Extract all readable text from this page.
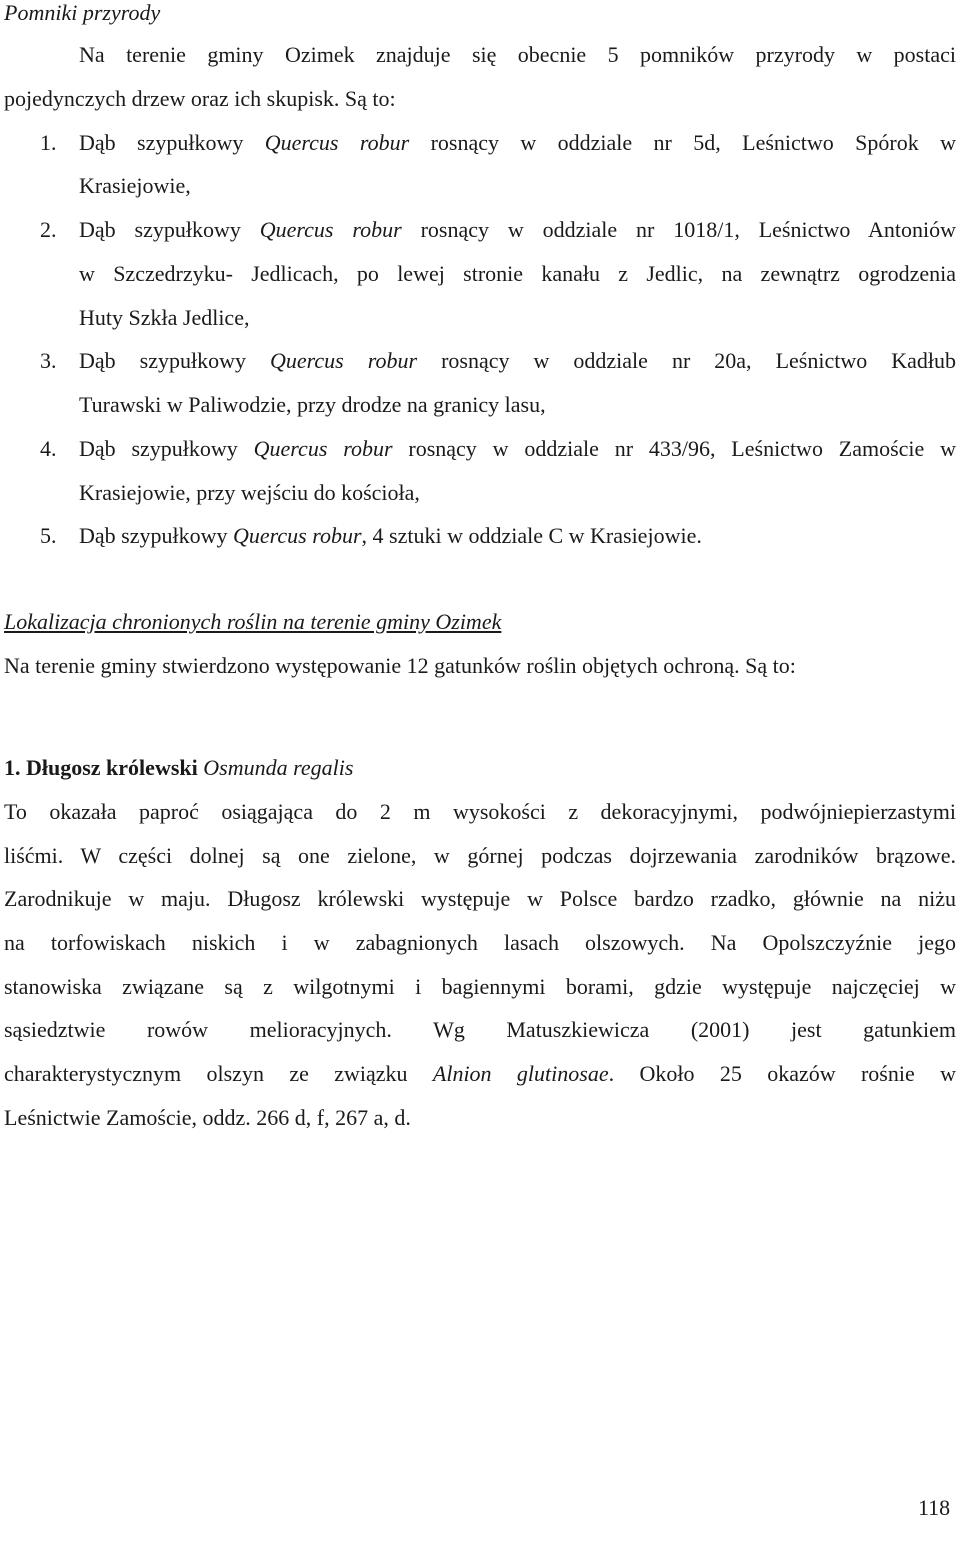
Pomniki przyrody
Na terenie gminy Ozimek znajduje się obecnie 5 pomników przyrody w postaci
pojedynczych drzew oraz ich skupisk. Są to:
1. Dąb szypułkowy Quercus robur rosnący w oddziale nr 5d, Leśnictwo Spórok w
Krasiejowie,
2. Dąb szypułkowy Quercus robur rosnący w oddziale nr 1018/1, Leśnictwo Antoniów
w Szczedrzyku- Jedlicach, po lewej stronie kanału z Jedlic, na zewnątrz ogrodzenia
Huty Szkła Jedlice,
3. Dąb szypułkowy Quercus robur rosnący w oddziale nr 20a, Leśnictwo Kadłub
Turawski w Paliwodzie, przy drodze na granicy lasu,
4. Dąb szypułkowy Quercus robur rosnący w oddziale nr 433/96, Leśnictwo Zamoście w
Krasiejowie, przy wejściu do kościoła,
5. Dąb szypułkowy Quercus robur, 4 sztuki w oddziale C w Krasiejowie.
Lokalizacja chronionych roślin na terenie gminy Ozimek
Na terenie gminy stwierdzono występowanie 12 gatunków roślin objętych ochroną. Są to:
1. Długosz królewski Osmunda regalis
To okazała paproć osiągająca do 2 m wysokości z dekoracyjnymi, podwójniepierzastymi
liśćmi. W części dolnej są one zielone, w górnej podczas dojrzewania zarodników brązowe.
Zarodnikuje w maju. Długosz królewski występuje w Polsce bardzo rzadko, głównie na niżu
na torfowiskach niskich i w zabagnionych lasach olszowych. Na Opolszczyźnie jego
stanowiska związane są z wilgotnymi i bagiennymi borami, gdzie występuje najczęciej w
sąsiedztwie rowów melioracyjnych. Wg Matuszkiewicza (2001) jest gatunkiem
charakterystycznym olszyn ze związku Alnion glutinosae. Około 25 okazów rośnie w
Leśnictwie Zamoście, oddz. 266 d, f, 267 a, d.
118
